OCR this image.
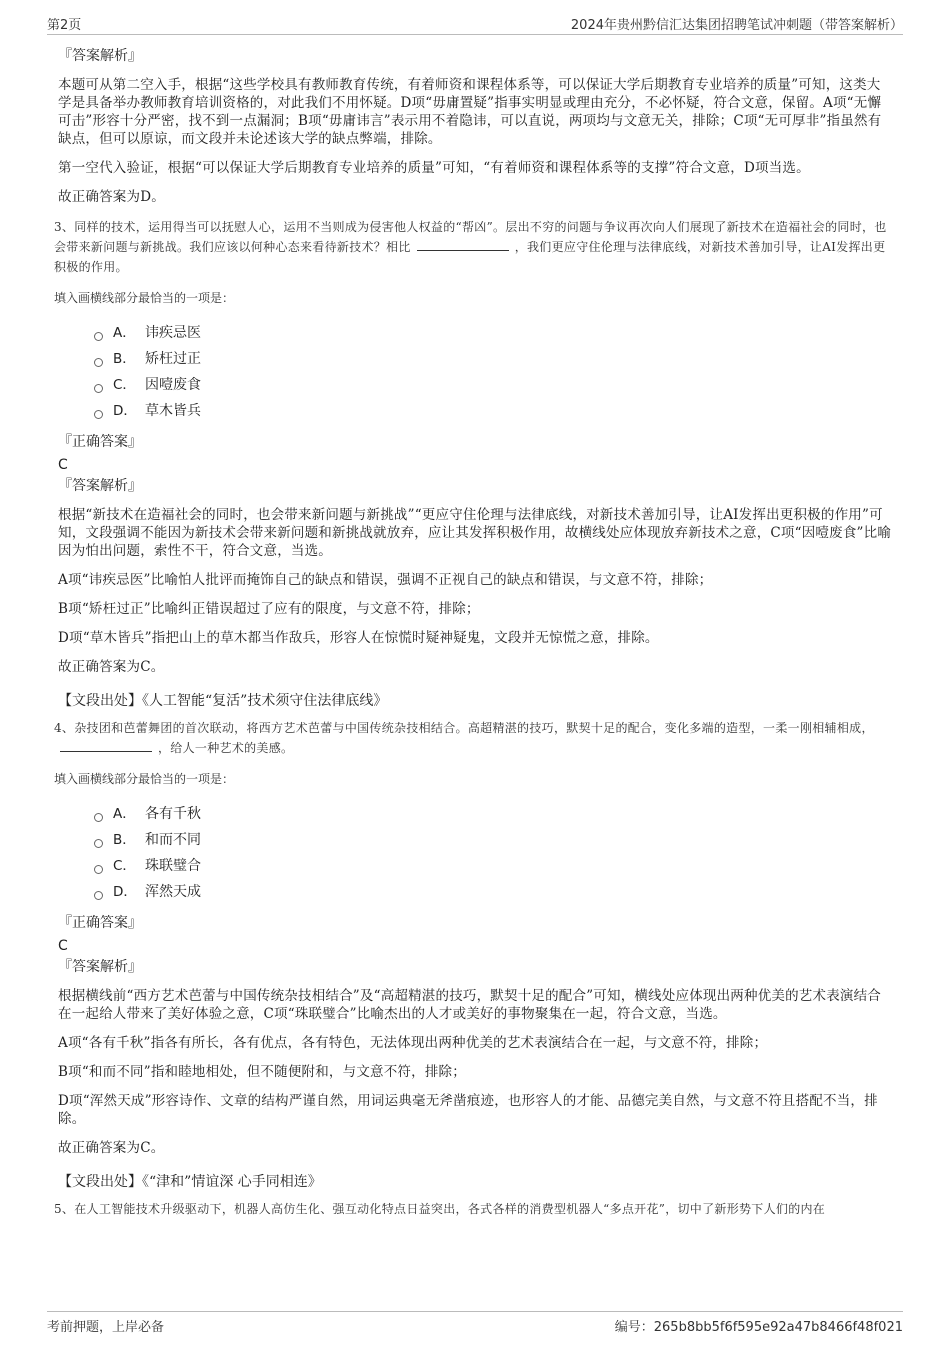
第2页	2024年贵州黔信汇达集团招聘笔试冲刺题（带答案解析）
『答案解析』

本题可从第二空入手，根据“这些学校具有教师教育传统，有着师资和课程体系等，可以保证大学后期教育专业培养的质量”可知，这类大学是具备举办教师教育培训资格的，对此我们不用怀疑。D项“毋庸置疑”指事实明显或理由充分，不必怀疑，符合文意，保留。A项“无懈可击”形容十分严密，找不到一点漏洞；B项“毋庸讳言”表示用不着隐讳，可以直说，两项均与文意无关，排除；C项“无可厚非”指虽然有缺点，但可以原谅，而文段并未论述该大学的缺点弊端，排除。

第一空代入验证，根据“可以保证大学后期教育专业培养的质量”可知，“有着师资和课程体系等的支撑”符合文意，D项当选。

故正确答案为D。

3、同样的技术，运用得当可以抚慰人心，运用不当则成为侵害他人权益的“帮凶”。层出不穷的问题与争议再次向人们展现了新技术在造福社会的同时，也会带来新问题与新挑战。我们应该以何种心态来看待新技术？相比	，我们更应守住伦理与法律底线，对新技术善加引导，让AI发挥出更积极的作用。

填入画横线部分最恰当的一项是：
A． 讳疾忌医
B． 矫枉过正
C． 因噎废食
D． 草木皆兵
『正确答案』
C
『答案解析』

根据“新技术在造福社会的同时，也会带来新问题与新挑战”“更应守住伦理与法律底线，对新技术善加引导，让AI发挥出更积极的作用”可知，文段强调不能因为新技术会带来新问题和新挑战就放弃，应让其发挥积极作用，故横线处应体现放弃新技术之意，C项“因噎废食”比喻因为怕出问题，索性不干，符合文意，当选。

A项“讳疾忌医”比喻怕人批评而掩饰自己的缺点和错误，强调不正视自己的缺点和错误，与文意不符，排除；

B项“矫枉过正”比喻纠正错误超过了应有的限度，与文意不符，排除；

D项“草木皆兵”指把山上的草木都当作敌兵，形容人在惊慌时疑神疑鬼，文段并无惊慌之意，排除。

故正确答案为C。

【文段出处】《人工智能“复活”技术须守住法律底线》

4、杂技团和芭蕾舞团的首次联动，将西方艺术芭蕾与中国传统杂技相结合。高超精湛的技巧，默契十足的配合，变化多端的造型，一柔一刚相辅相成，，给人一种艺术的美感。

填入画横线部分最恰当的一项是：
A． 各有千秋
B． 和而不同
C． 珠联璧合
D． 浑然天成
『正确答案』
C
『答案解析』

根据横线前“西方艺术芭蕾与中国传统杂技相结合”及“高超精湛的技巧，默契十足的配合”可知，横线处应体现出两种优美的艺术表演结合在一起给人带来了美好体验之意，C项“珠联璧合”比喻杰出的人才或美好的事物聚集在一起，符合文意，当选。

A项“各有千秋”指各有所长，各有优点，各有特色，无法体现出两种优美的艺术表演结合在一起，与文意不符，排除；

B项“和而不同”指和睦地相处，但不随便附和，与文意不符，排除；

D项“浑然天成”形容诗作、文章的结构严谨自然，用词运典毫无斧凿痕迹，也形容人的才能、品德完美自然，与文意不符且搭配不当，排除。

故正确答案为C。

【文段出处】《“津和”情谊深 心手同相连》

5、在人工智能技术升级驱动下，机器人高仿生化、强互动化特点日益突出，各式各样的消费型机器人“多点开花”，切中了新形势下人们的内在

考前押题，上岸必备	编号：265b8bb5f6f595e92a47b8466f48f021
